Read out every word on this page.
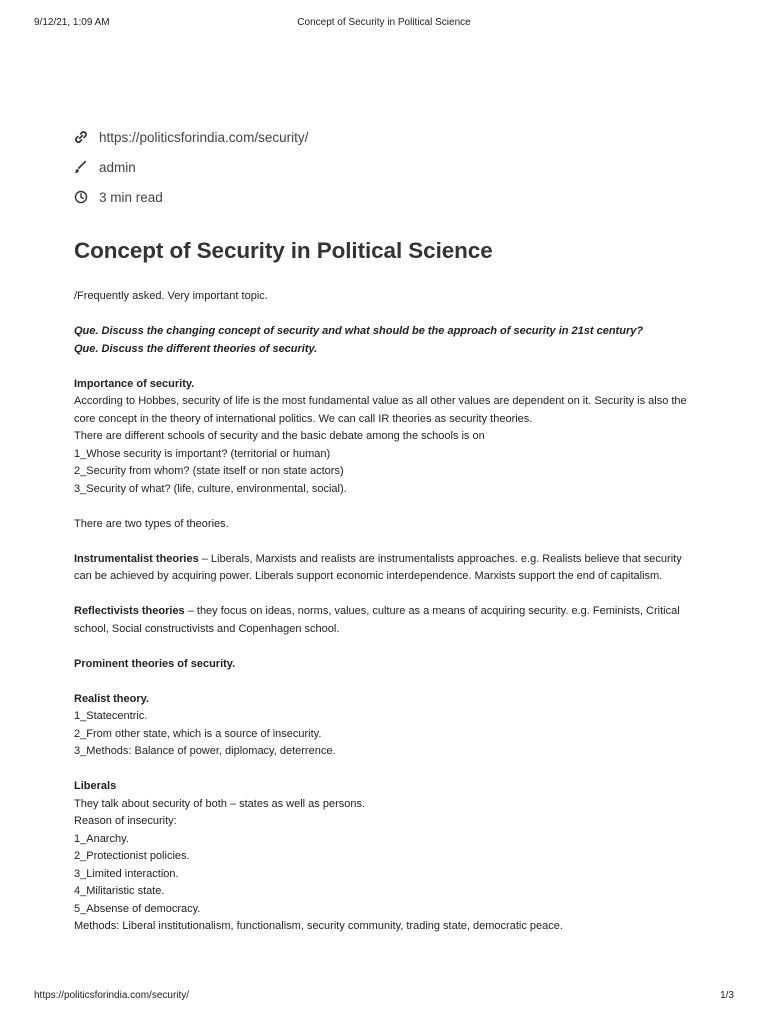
9/12/21, 1:09 AM	Concept of Security in Political Science
https://politicsforindia.com/security/
admin
3 min read
Concept of Security in Political Science

/Frequently asked. Very important topic.

Que. Discuss the changing concept of security and what should be the approach of security in 21st century?

Que. Discuss the different theories of security.

Importance of security.

According to Hobbes, security of life is the most fundamental value as all other values are dependent on it. Security is also the core concept in the theory of international politics. We can call IR theories as security theories.

There are different schools of security and the basic debate among the schools is on

1_Whose security is important? (territorial or human)

2_Security from whom? (state itself or non state actors)

3_Security of what? (life, culture, environmental, social).

There are two types of theories.

Instrumentalist theories – Liberals, Marxists and realists are instrumentalists approaches. e.g. Realists believe that security can be achieved by acquiring power. Liberals support economic interdependence. Marxists support the end of capitalism.

Reflectivists theories – they focus on ideas, norms, values, culture as a means of acquiring security. e.g. Feminists, Critical school, Social constructivists and Copenhagen school.

Prominent theories of security.

Realist theory.

1_Statecentric.

2_From other state, which is a source of insecurity.

3_Methods: Balance of power, diplomacy, deterrence.

Liberals

They talk about security of both – states as well as persons.

Reason of insecurity:

1_Anarchy.

2_Protectionist policies.

3_Limited interaction.

4_Militaristic state.

5_Absense of democracy.

Methods: Liberal institutionalism, functionalism, security community, trading state, democratic peace.

https://politicsforindia.com/security/	1/3
